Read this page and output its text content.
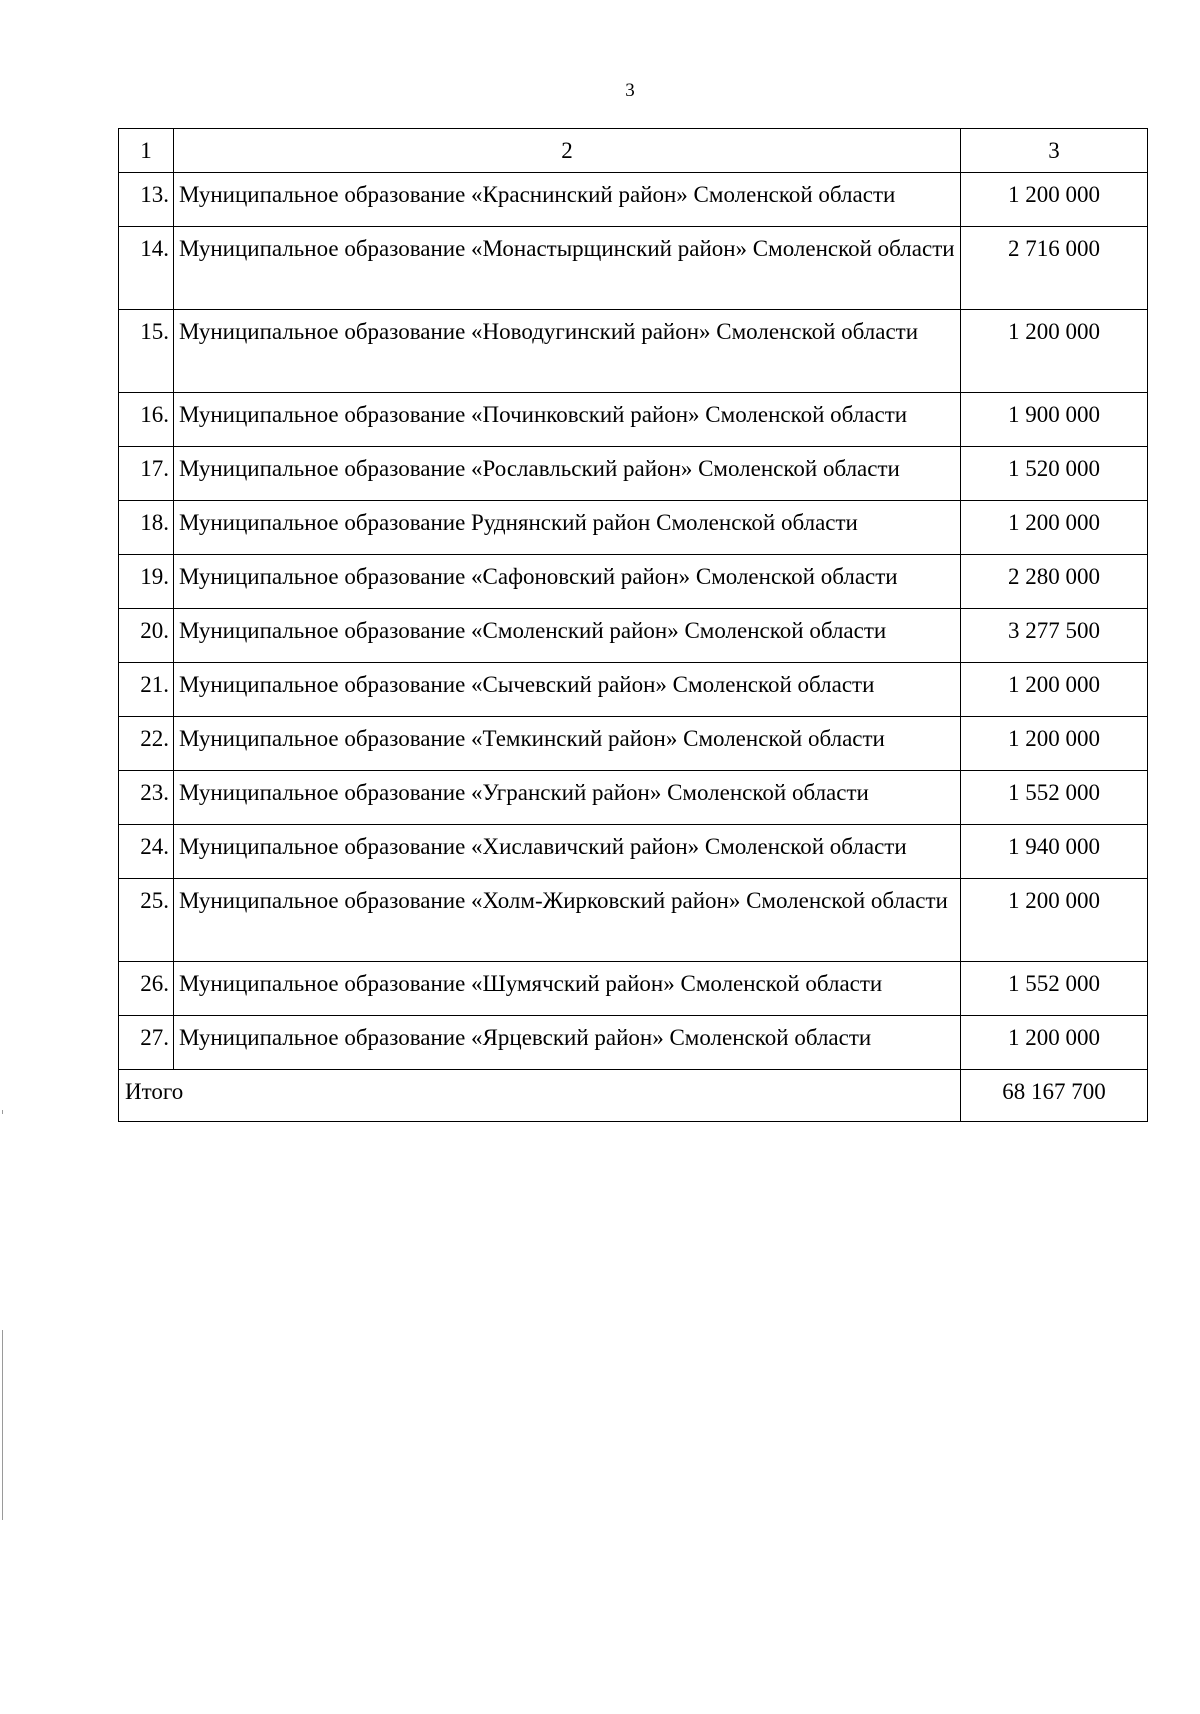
3
1	2	3
13.	Муниципальное образование «Краснинский район» Смоленской области	1 200 000
14.	Муниципальное образование «Монастырщинский район» Смоленской области	2 716 000
15.	Муниципальное образование «Новодугинский район» Смоленской области	1 200 000
16.	Муниципальное образование «Починковский район» Смоленской области	1 900 000
17.	Муниципальное образование «Рославльский район» Смоленской области	1 520 000
18.	Муниципальное образование Руднянский район Смоленской области	1 200 000
19.	Муниципальное образование «Сафоновский район» Смоленской области	2 280 000
20.	Муниципальное образование «Смоленский район» Смоленской области	3 277 500
21.	Муниципальное образование «Сычевский район» Смоленской области	1 200 000
22.	Муниципальное образование «Темкинский район» Смоленской области	1 200 000
23.	Муниципальное образование «Угранский район» Смоленской области	1 552 000
24.	Муниципальное образование «Хиславичский район» Смоленской области	1 940 000
25.	Муниципальное образование «Холм-Жирковский район» Смоленской области	1 200 000
26.	Муниципальное образование «Шумячский район» Смоленской области	1 552 000
27.	Муниципальное образование «Ярцевский район» Смоленской области	1 200 000
Итого		68 167 700
